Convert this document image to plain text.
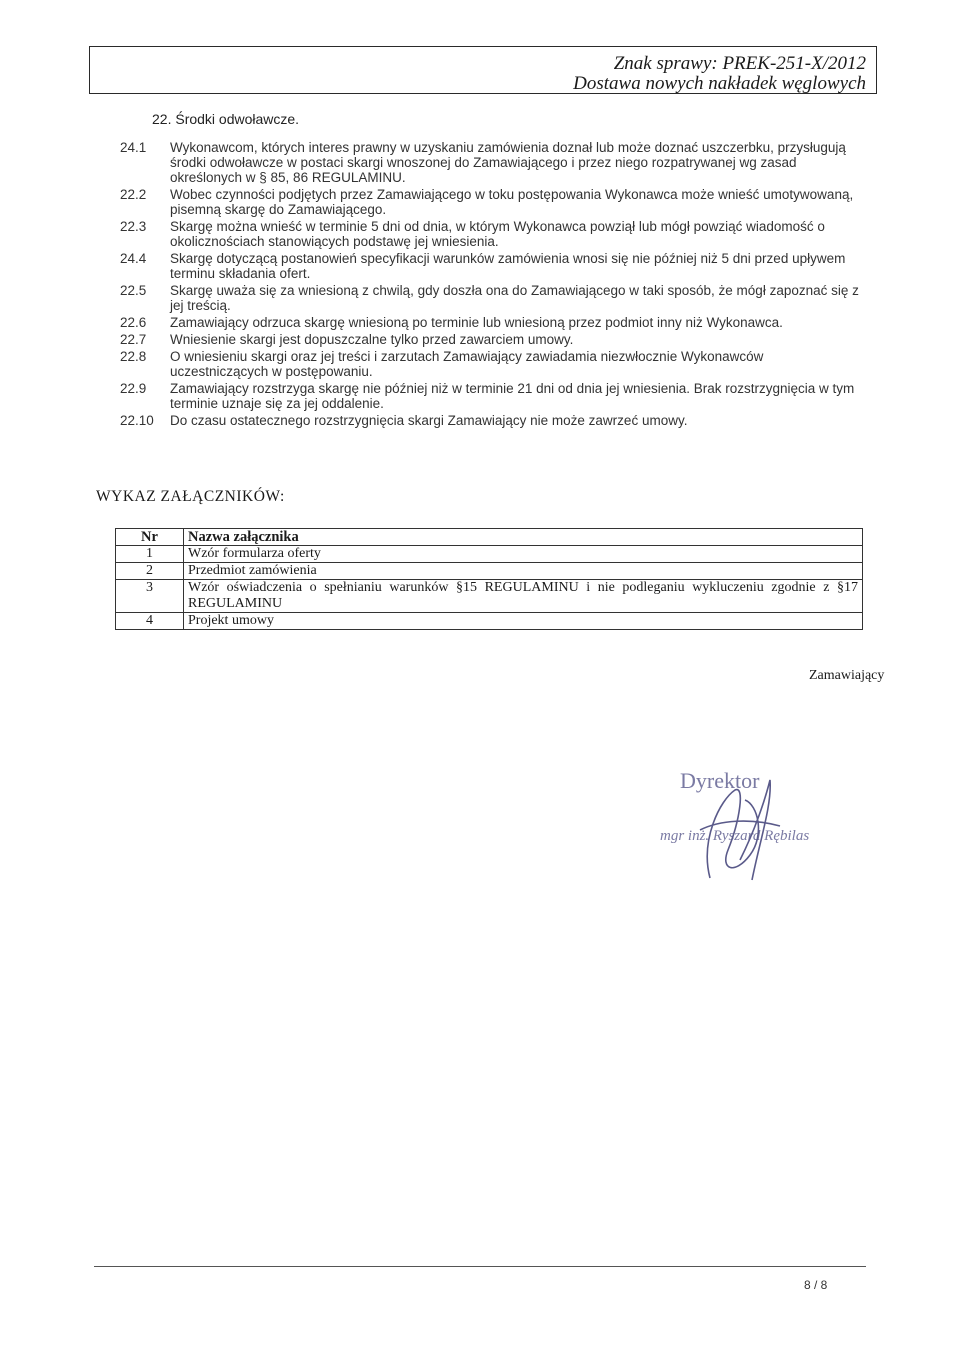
Znak sprawy: PREK-251-X/2012
Dostawa nowych nakładek węglowych
22. Środki odwoławcze.
24.1	Wykonawcom, których interes prawny w uzyskaniu zamówienia doznał lub może doznać uszczerbku, przysługują środki odwoławcze w postaci skargi wnoszonej do Zamawiającego i przez niego rozpatrywanej wg zasad określonych w § 85, 86 REGULAMINU.
22.2	Wobec czynności podjętych przez Zamawiającego w toku postępowania Wykonawca może wnieść umotywowaną, pisemną skargę do Zamawiającego.
22.3	Skargę można wnieść w terminie 5 dni od dnia, w którym Wykonawca powziął lub mógł powziąć wiadomość o okolicznościach stanowiących podstawę jej wniesienia.
24.4	Skargę dotyczącą postanowień specyfikacji warunków zamówienia wnosi się nie później niż 5 dni przed upływem terminu składania ofert.
22.5	Skargę uważa się za wniesioną z chwilą, gdy doszła ona do Zamawiającego w taki sposób, że mógł zapoznać się z jej treścią.
22.6	Zamawiający odrzuca skargę wniesioną po terminie lub wniesioną przez podmiot inny niż Wykonawca.
22.7	Wniesienie skargi jest dopuszczalne tylko przed zawarciem umowy.
22.8	O wniesieniu skargi oraz jej treści i zarzutach Zamawiający zawiadamia niezwłocznie Wykonawców uczestniczących w postępowaniu.
22.9	Zamawiający rozstrzyga skargę nie później niż w terminie 21 dni od dnia jej wniesienia. Brak rozstrzygnięcia w tym terminie uznaje się za jej oddalenie.
22.10	Do czasu ostatecznego rozstrzygnięcia skargi Zamawiający nie może zawrzeć umowy.
WYKAZ ZAŁĄCZNIKÓW:
Nr	Nazwa załącznika
1	Wzór formularza oferty
2	Przedmiot zamówienia
3	Wzór oświadczenia o spełnianiu warunków §15 REGULAMINU i nie podleganiu wykluczeniu zgodnie z §17 REGULAMINU
4	Projekt umowy
Zamawiający
Dyrektor
mgr inż. Ryszard Rębilas
8 / 8
